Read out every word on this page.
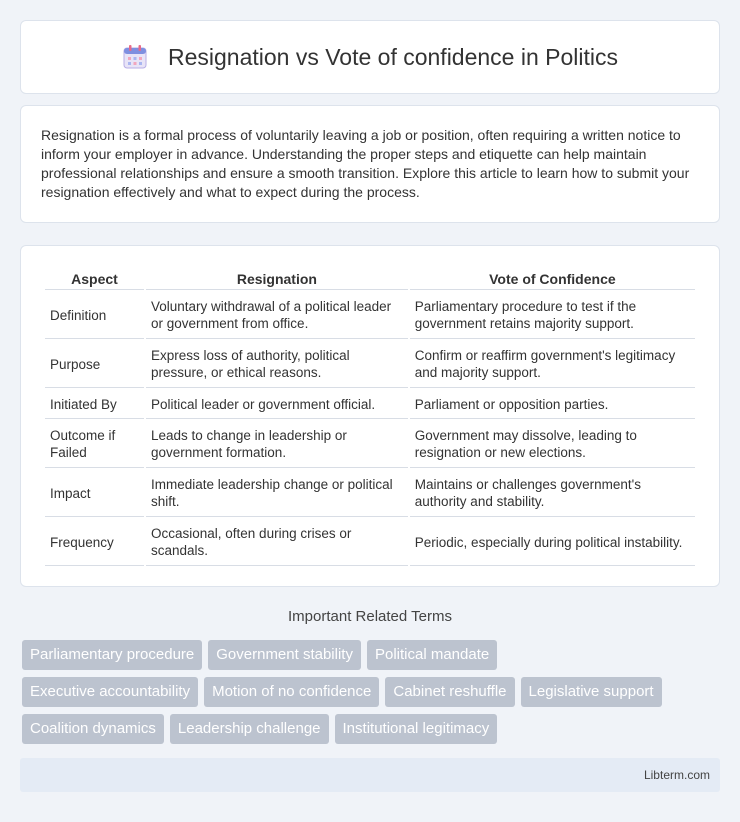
Resignation vs Vote of confidence in Politics

Resignation is a formal process of voluntarily leaving a job or position, often requiring a written notice to inform your employer in advance. Understanding the proper steps and etiquette can help maintain professional relationships and ensure a smooth transition. Explore this article to learn how to submit your resignation effectively and what to expect during the process.

Aspect	Resignation	Vote of Confidence
Definition	Voluntary withdrawal of a political leader or government from office.	Parliamentary procedure to test if the government retains majority support.
Purpose	Express loss of authority, political pressure, or ethical reasons.	Confirm or reaffirm government's legitimacy and majority support.
Initiated By	Political leader or government official.	Parliament or opposition parties.
Outcome if Failed	Leads to change in leadership or government formation.	Government may dissolve, leading to resignation or new elections.
Impact	Immediate leadership change or political shift.	Maintains or challenges government's authority and stability.
Frequency	Occasional, often during crises or scandals.	Periodic, especially during political instability.
Important Related Terms
Parliamentary procedure	Government stability	Political mandate
Executive accountability	Motion of no confidence	Cabinet reshuffle	Legislative support
Coalition dynamics	Leadership challenge	Institutional legitimacy
Libterm.com
